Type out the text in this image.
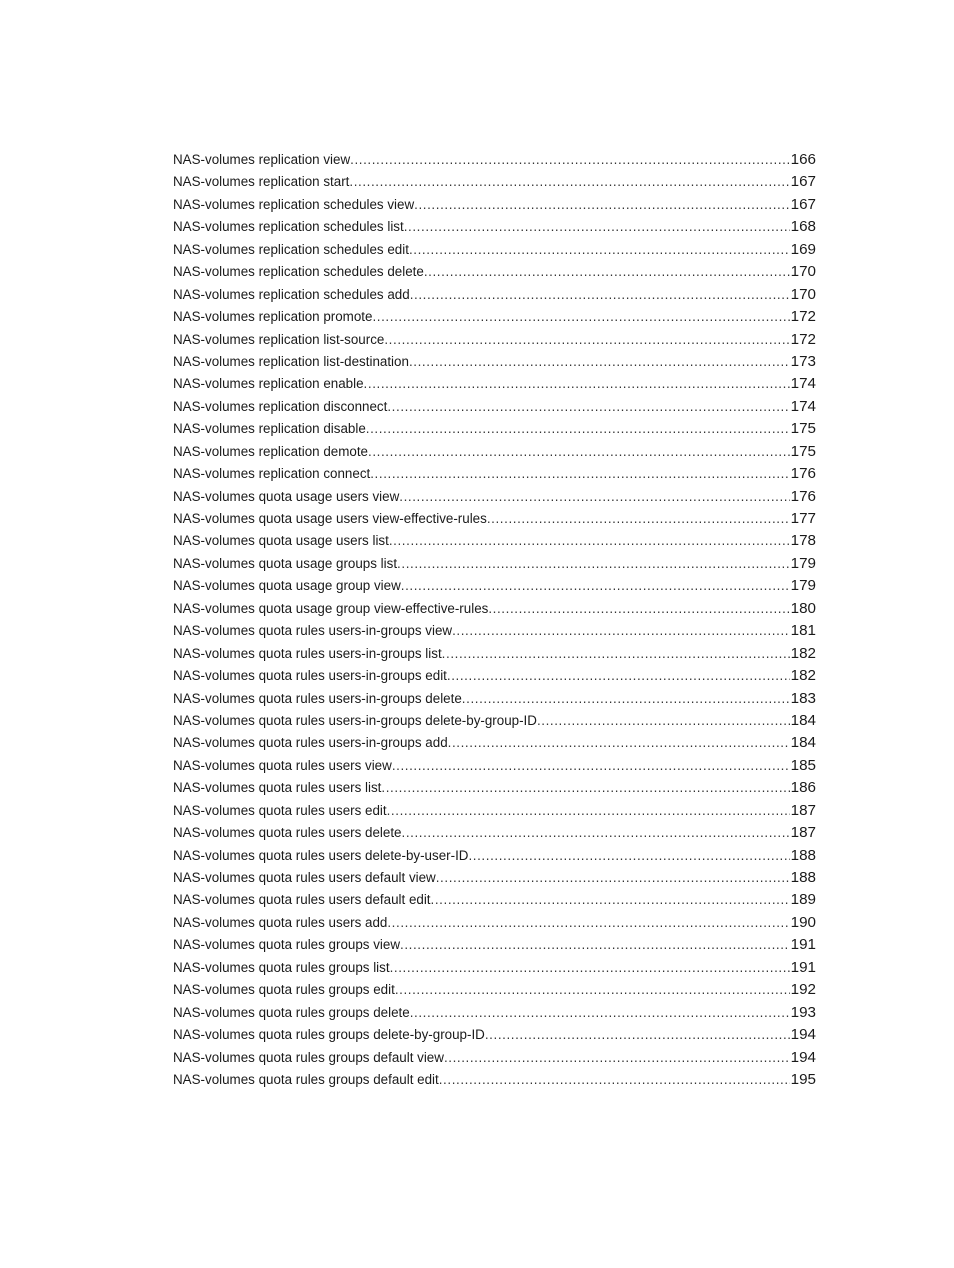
NAS-volumes replication view .....	166
NAS-volumes replication start .....	167
NAS-volumes replication schedules view .....	167
NAS-volumes replication schedules list .....	168
NAS-volumes replication schedules edit .....	169
NAS-volumes replication schedules delete .....	170
NAS-volumes replication schedules add .....	170
NAS-volumes replication promote .....	172
NAS-volumes replication list-source .....	172
NAS-volumes replication list-destination .....	173
NAS-volumes replication enable .....	174
NAS-volumes replication disconnect .....	174
NAS-volumes replication disable .....	175
NAS-volumes replication demote .....	175
NAS-volumes replication connect .....	176
NAS-volumes quota usage users view .....	176
NAS-volumes quota usage users view-effective-rules .....	177
NAS-volumes quota usage users list .....	178
NAS-volumes quota usage groups list .....	179
NAS-volumes quota usage group view .....	179
NAS-volumes quota usage group view-effective-rules .....	180
NAS-volumes quota rules users-in-groups view .....	181
NAS-volumes quota rules users-in-groups list .....	182
NAS-volumes quota rules users-in-groups edit .....	182
NAS-volumes quota rules users-in-groups delete .....	183
NAS-volumes quota rules users-in-groups delete-by-group-ID .....	184
NAS-volumes quota rules users-in-groups add .....	184
NAS-volumes quota rules users view .....	185
NAS-volumes quota rules users list .....	186
NAS-volumes quota rules users edit .....	187
NAS-volumes quota rules users delete .....	187
NAS-volumes quota rules users delete-by-user-ID .....	188
NAS-volumes quota rules users default view .....	188
NAS-volumes quota rules users default edit .....	189
NAS-volumes quota rules users add .....	190
NAS-volumes quota rules groups view .....	191
NAS-volumes quota rules groups list .....	191
NAS-volumes quota rules groups edit .....	192
NAS-volumes quota rules groups delete .....	193
NAS-volumes quota rules groups delete-by-group-ID .....	194
NAS-volumes quota rules groups default view .....	194
NAS-volumes quota rules groups default edit .....	195
